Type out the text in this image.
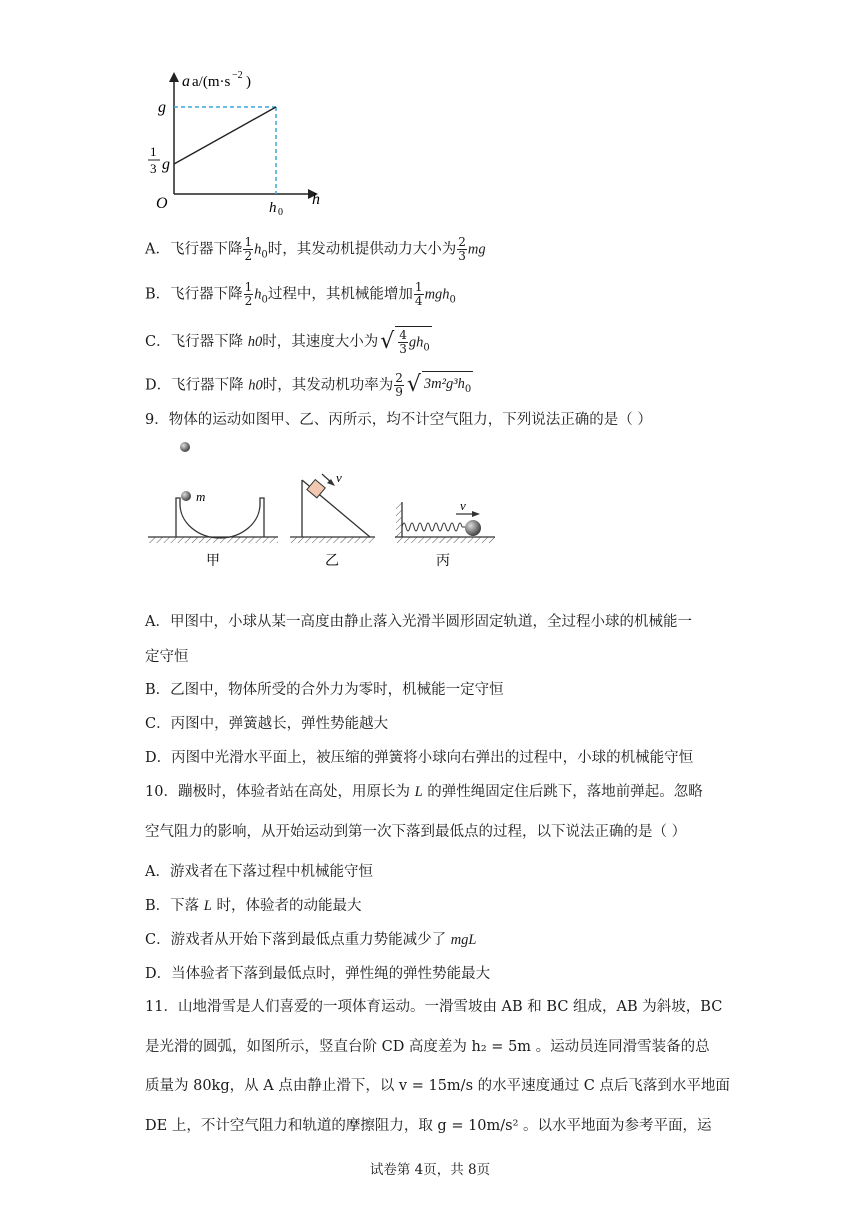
a a/(m·s −2 )
h
O
g
1
3 g
h 0
A．飞行器下降 $\frac{1}{2} h_0$时，其发动机提供动力大小为 $\frac{2}{3}$ mg
B．飞行器下降 $\frac{1}{2} h_0$过程中，其机械能增加 $\frac{1}{4} mgh_0$
C．飞行器下降 h0时，其速度大小为√ $\frac{4}{3} gh_0$
D．飞行器下降 h0时，其发动机功率为 $\frac{2}{9}$ √ $3m^2g^3h_0$
9．物体的运动如图甲、乙、丙所示，均不计空气阻力，下列说法正确的是（ ）
m
甲
v
乙
v
丙
A．甲图中，小球从某一高度由静止落入光滑半圆形固定轨道，全过程小球的机械能一
定守恒
B．乙图中，物体所受的合外力为零时，机械能一定守恒
C．丙图中，弹簧越长，弹性势能越大
D．丙图中光滑水平面上，被压缩的弹簧将小球向右弹出的过程中，小球的机械能守恒
10．蹦极时，体验者站在高处，用原长为 L 的弹性绳固定住后跳下，落地前弹起。忽略
空气阻力的影响，从开始运动到第一次下落到最低点的过程，以下说法正确的是（ ）
A．游戏者在下落过程中机械能守恒
B．下落 L 时，体验者的动能最大
C．游戏者从开始下落到最低点重力势能减少了 mgL
D．当体验者下落到最低点时，弹性绳的弹性势能最大
11．山地滑雪是人们喜爱的一项体育运动。一滑雪坡由 AB 和 BC 组成，AB 为斜坡，BC
是光滑的圆弧，如图所示，竖直台阶 CD 高度差为 h₂ = 5m 。运动员连同滑雪装备的总
质量为 80kg，从 A 点由静止滑下，以 v = 15m/s 的水平速度通过 C 点后飞落到水平地面
DE 上，不计空气阻力和轨道的摩擦阻力，取 g = 10m/s² 。以水平地面为参考平面，运
试卷第 4页，共 8页
